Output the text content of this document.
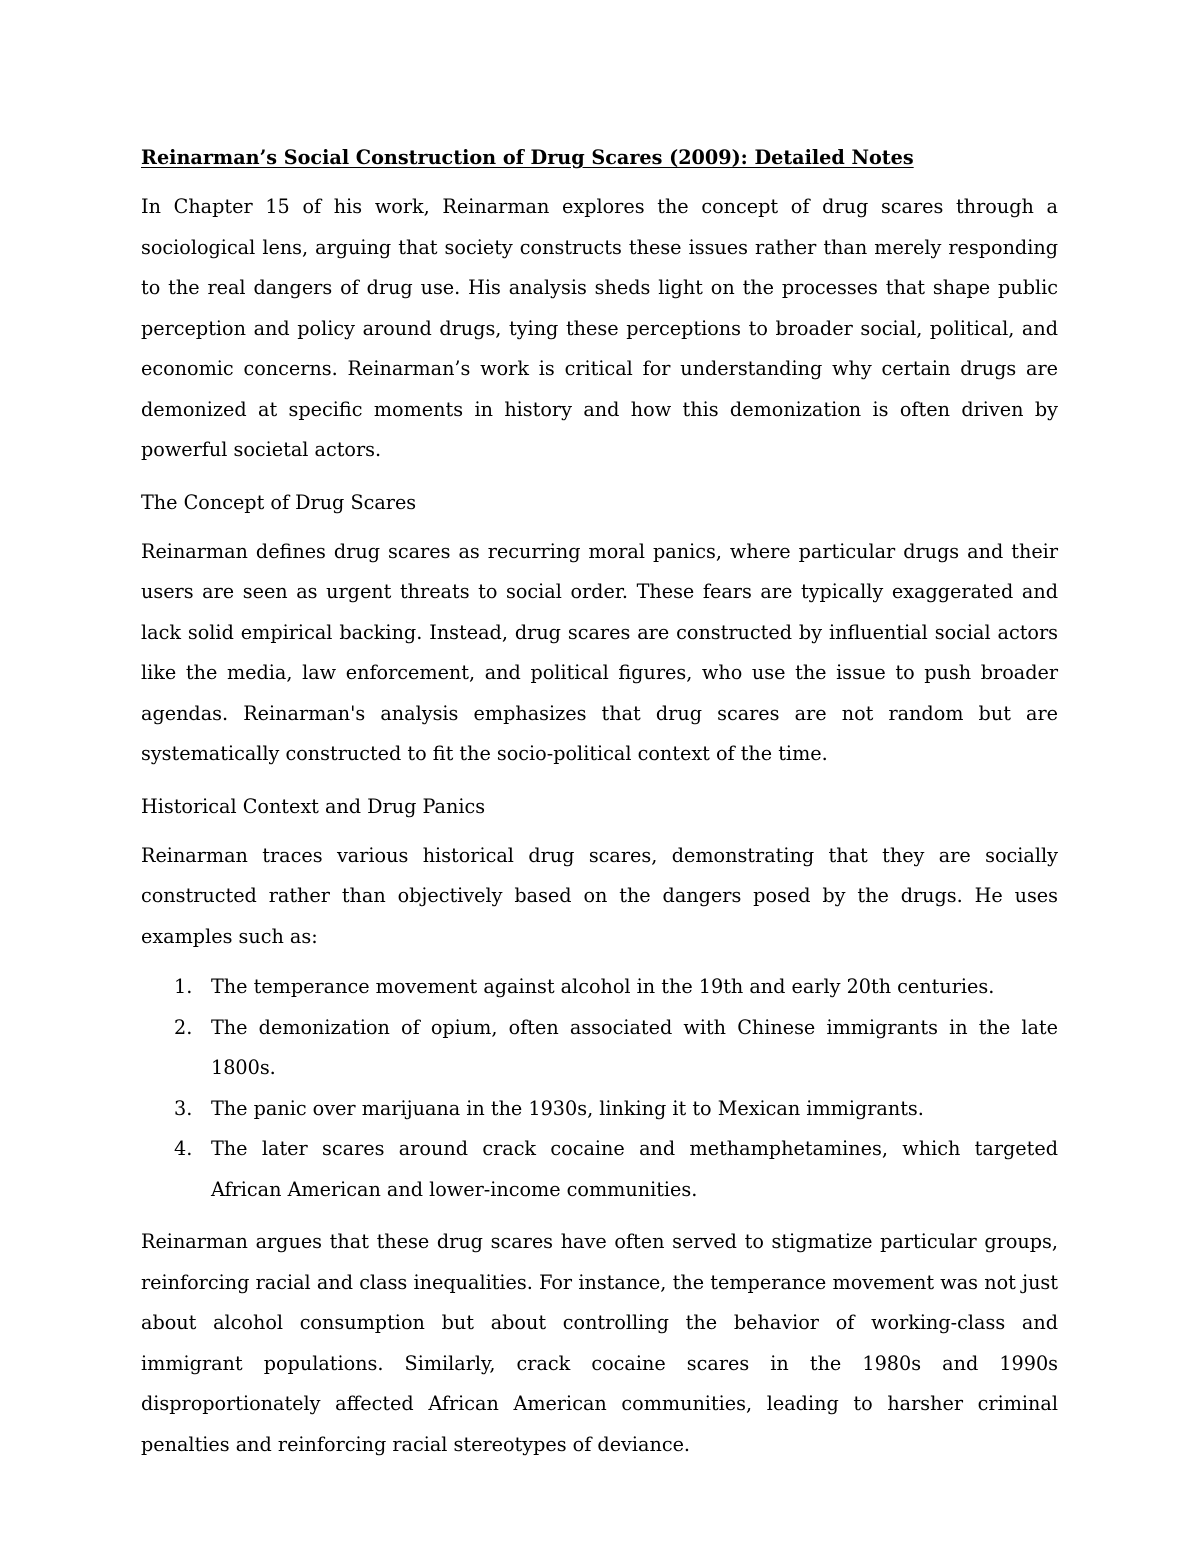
Reinarman’s Social Construction of Drug Scares (2009): Detailed Notes

In Chapter 15 of his work, Reinarman explores the concept of drug scares through a sociological lens, arguing that society constructs these issues rather than merely responding to the real dangers of drug use. His analysis sheds light on the processes that shape public perception and policy around drugs, tying these perceptions to broader social, political, and economic concerns. Reinarman’s work is critical for understanding why certain drugs are demonized at specific moments in history and how this demonization is often driven by powerful societal actors.

The Concept of Drug Scares

Reinarman defines drug scares as recurring moral panics, where particular drugs and their users are seen as urgent threats to social order. These fears are typically exaggerated and lack solid empirical backing. Instead, drug scares are constructed by influential social actors like the media, law enforcement, and political figures, who use the issue to push broader agendas. Reinarman's analysis emphasizes that drug scares are not random but are systematically constructed to fit the socio-political context of the time.

Historical Context and Drug Panics

Reinarman traces various historical drug scares, demonstrating that they are socially constructed rather than objectively based on the dangers posed by the drugs. He uses examples such as:

1. The temperance movement against alcohol in the 19th and early 20th centuries.
2. The demonization of opium, often associated with Chinese immigrants in the late 1800s.
3. The panic over marijuana in the 1930s, linking it to Mexican immigrants.
4. The later scares around crack cocaine and methamphetamines, which targeted African American and lower-income communities.

Reinarman argues that these drug scares have often served to stigmatize particular groups, reinforcing racial and class inequalities. For instance, the temperance movement was not just about alcohol consumption but about controlling the behavior of working-class and immigrant populations. Similarly, crack cocaine scares in the 1980s and 1990s disproportionately affected African American communities, leading to harsher criminal penalties and reinforcing racial stereotypes of deviance.
